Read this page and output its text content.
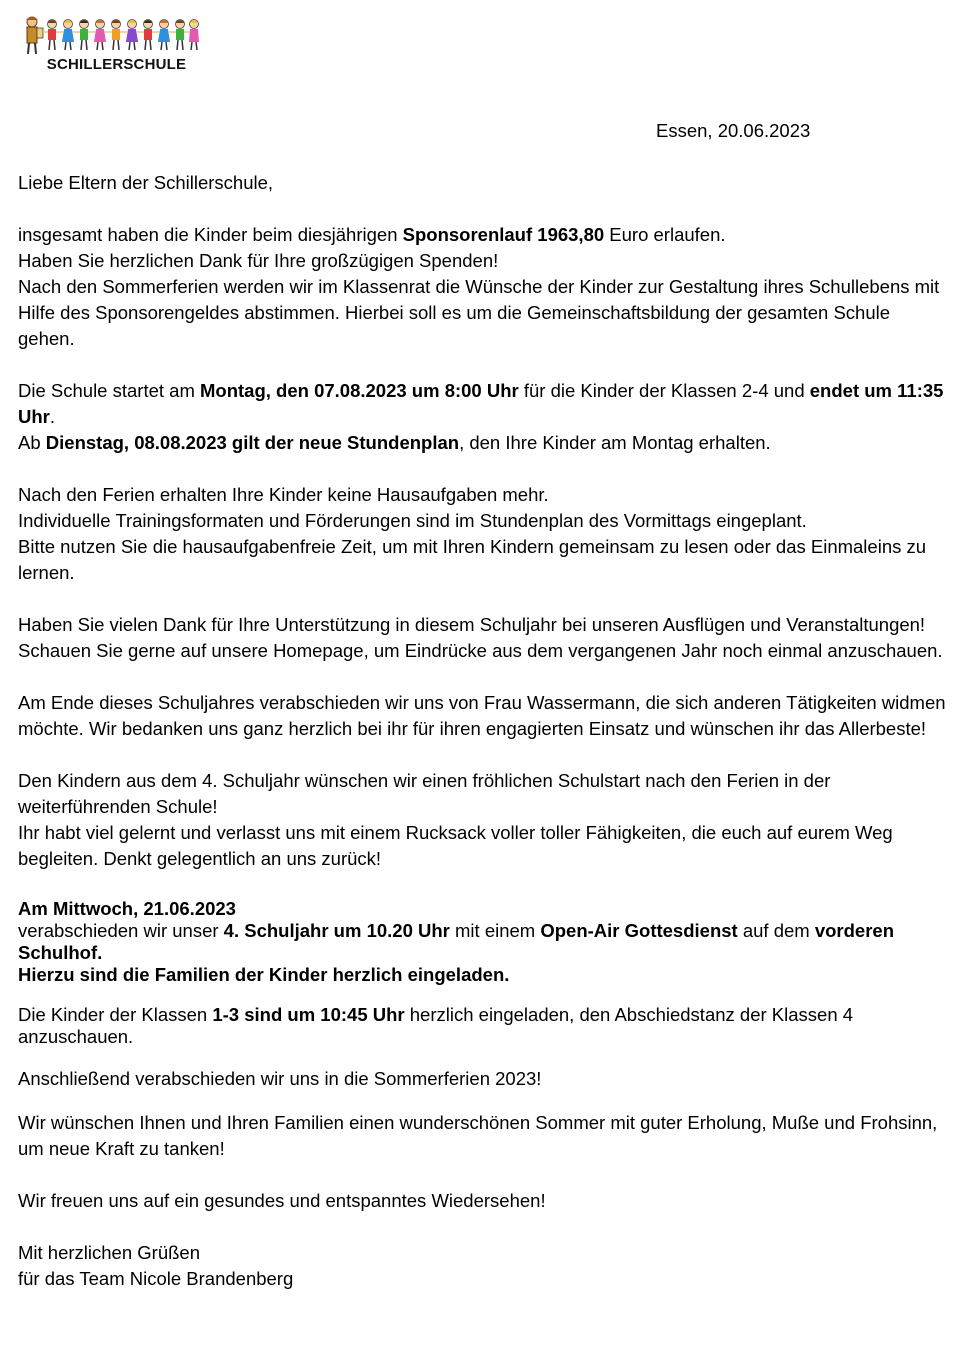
SCHILLERSCHULE
Essen, 20.06.2023

Liebe Eltern der Schillerschule,

insgesamt haben die Kinder beim diesjährigen Sponsorenlauf 1963,80 Euro erlaufen.

Haben Sie herzlichen Dank für Ihre großzügigen Spenden!

Nach den Sommerferien werden wir im Klassenrat die Wünsche der Kinder zur Gestaltung ihres Schullebens mit Hilfe des Sponsorengeldes abstimmen. Hierbei soll es um die Gemeinschaftsbildung der gesamten Schule gehen.

Die Schule startet am Montag, den 07.08.2023 um 8:00 Uhr für die Kinder der Klassen 2-4 und endet um 11:35 Uhr.

Ab Dienstag, 08.08.2023 gilt der neue Stundenplan, den Ihre Kinder am Montag erhalten.

Nach den Ferien erhalten Ihre Kinder keine Hausaufgaben mehr.

Individuelle Trainingsformaten und Förderungen sind im Stundenplan des Vormittags eingeplant.

Bitte nutzen Sie die hausaufgabenfreie Zeit, um mit Ihren Kindern gemeinsam zu lesen oder das Einmaleins zu lernen.

Haben Sie vielen Dank für Ihre Unterstützung in diesem Schuljahr bei unseren Ausflügen und Veranstaltungen! Schauen Sie gerne auf unsere Homepage, um Eindrücke aus dem vergangenen Jahr noch einmal anzuschauen.

Am Ende dieses Schuljahres verabschieden wir uns von Frau Wassermann, die sich anderen Tätigkeiten widmen möchte. Wir bedanken uns ganz herzlich bei ihr für ihren engagierten Einsatz und wünschen ihr das Allerbeste!

Den Kindern aus dem 4. Schuljahr wünschen wir einen fröhlichen Schulstart nach den Ferien in der weiterführenden Schule!

Ihr habt viel gelernt und verlasst uns mit einem Rucksack voller toller Fähigkeiten, die euch auf eurem Weg begleiten. Denkt gelegentlich an uns zurück!

Am Mittwoch, 21.06.2023

verabschieden wir unser 4. Schuljahr um 10.20 Uhr mit einem Open-Air Gottesdienst auf dem vorderen Schulhof.

Hierzu sind die Familien der Kinder herzlich eingeladen.

Die Kinder der Klassen 1-3 sind um 10:45 Uhr herzlich eingeladen, den Abschiedstanz der Klassen 4 anzuschauen.

Anschließend verabschieden wir uns in die Sommerferien 2023!

Wir wünschen Ihnen und Ihren Familien einen wunderschönen Sommer mit guter Erholung, Muße und Frohsinn, um neue Kraft zu tanken!

Wir freuen uns auf ein gesundes und entspanntes Wiedersehen!

Mit herzlichen Grüßen

für das Team Nicole Brandenberg
